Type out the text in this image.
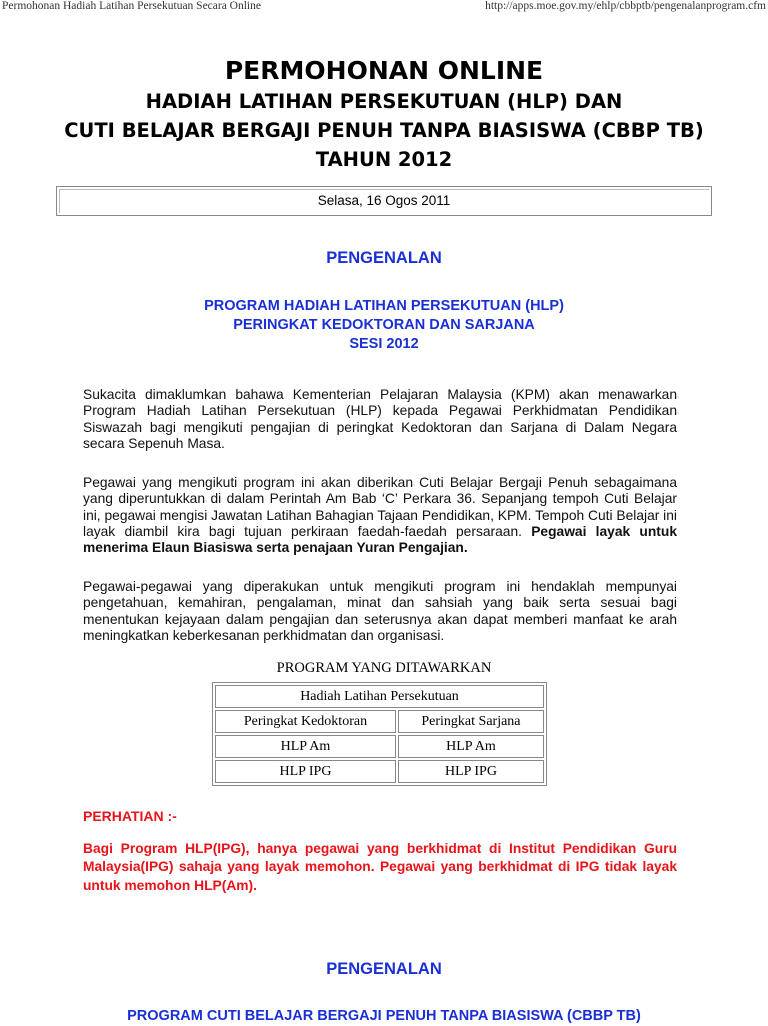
Permohonan Hadiah Latihan Persekutuan Secara Online	http://apps.moe.gov.my/ehlp/cbbptb/pengenalanprogram.cfm
PERMOHONAN ONLINE
HADIAH LATIHAN PERSEKUTUAN (HLP) DAN
CUTI BELAJAR BERGAJI PENUH TANPA BIASISWA (CBBP TB)
TAHUN 2012
Selasa, 16 Ogos 2011
PENGENALAN
PROGRAM HADIAH LATIHAN PERSEKUTUAN (HLP)
PERINGKAT KEDOKTORAN DAN SARJANA
SESI 2012
Sukacita dimaklumkan bahawa Kementerian Pelajaran Malaysia (KPM) akan menawarkan Program Hadiah Latihan Persekutuan (HLP) kepada Pegawai Perkhidmatan Pendidikan Siswazah bagi mengikuti pengajian di peringkat Kedoktoran dan Sarjana di Dalam Negara secara Sepenuh Masa.
Pegawai yang mengikuti program ini akan diberikan Cuti Belajar Bergaji Penuh sebagaimana yang diperuntukkan di dalam Perintah Am Bab ‘C’ Perkara 36. Sepanjang tempoh Cuti Belajar ini, pegawai mengisi Jawatan Latihan Bahagian Tajaan Pendidikan, KPM. Tempoh Cuti Belajar ini layak diambil kira bagi tujuan perkiraan faedah-faedah persaraan. Pegawai layak untuk menerima Elaun Biasiswa serta penajaan Yuran Pengajian.
Pegawai-pegawai yang diperakukan untuk mengikuti program ini hendaklah mempunyai pengetahuan, kemahiran, pengalaman, minat dan sahsiah yang baik serta sesuai bagi menentukan kejayaan dalam pengajian dan seterusnya akan dapat memberi manfaat ke arah meningkatkan keberkesanan perkhidmatan dan organisasi.
PROGRAM YANG DITAWARKAN
Hadiah Latihan Persekutuan	
Peringkat Kedoktoran	Peringkat Sarjana
HLP Am	HLP Am
HLP IPG	HLP IPG
PERHATIAN :-
Bagi Program HLP(IPG), hanya pegawai yang berkhidmat di Institut Pendidikan Guru Malaysia(IPG) sahaja yang layak memohon. Pegawai yang berkhidmat di IPG tidak layak untuk memohon HLP(Am).
PENGENALAN
PROGRAM CUTI BELAJAR BERGAJI PENUH TANPA BIASISWA (CBBP TB)
